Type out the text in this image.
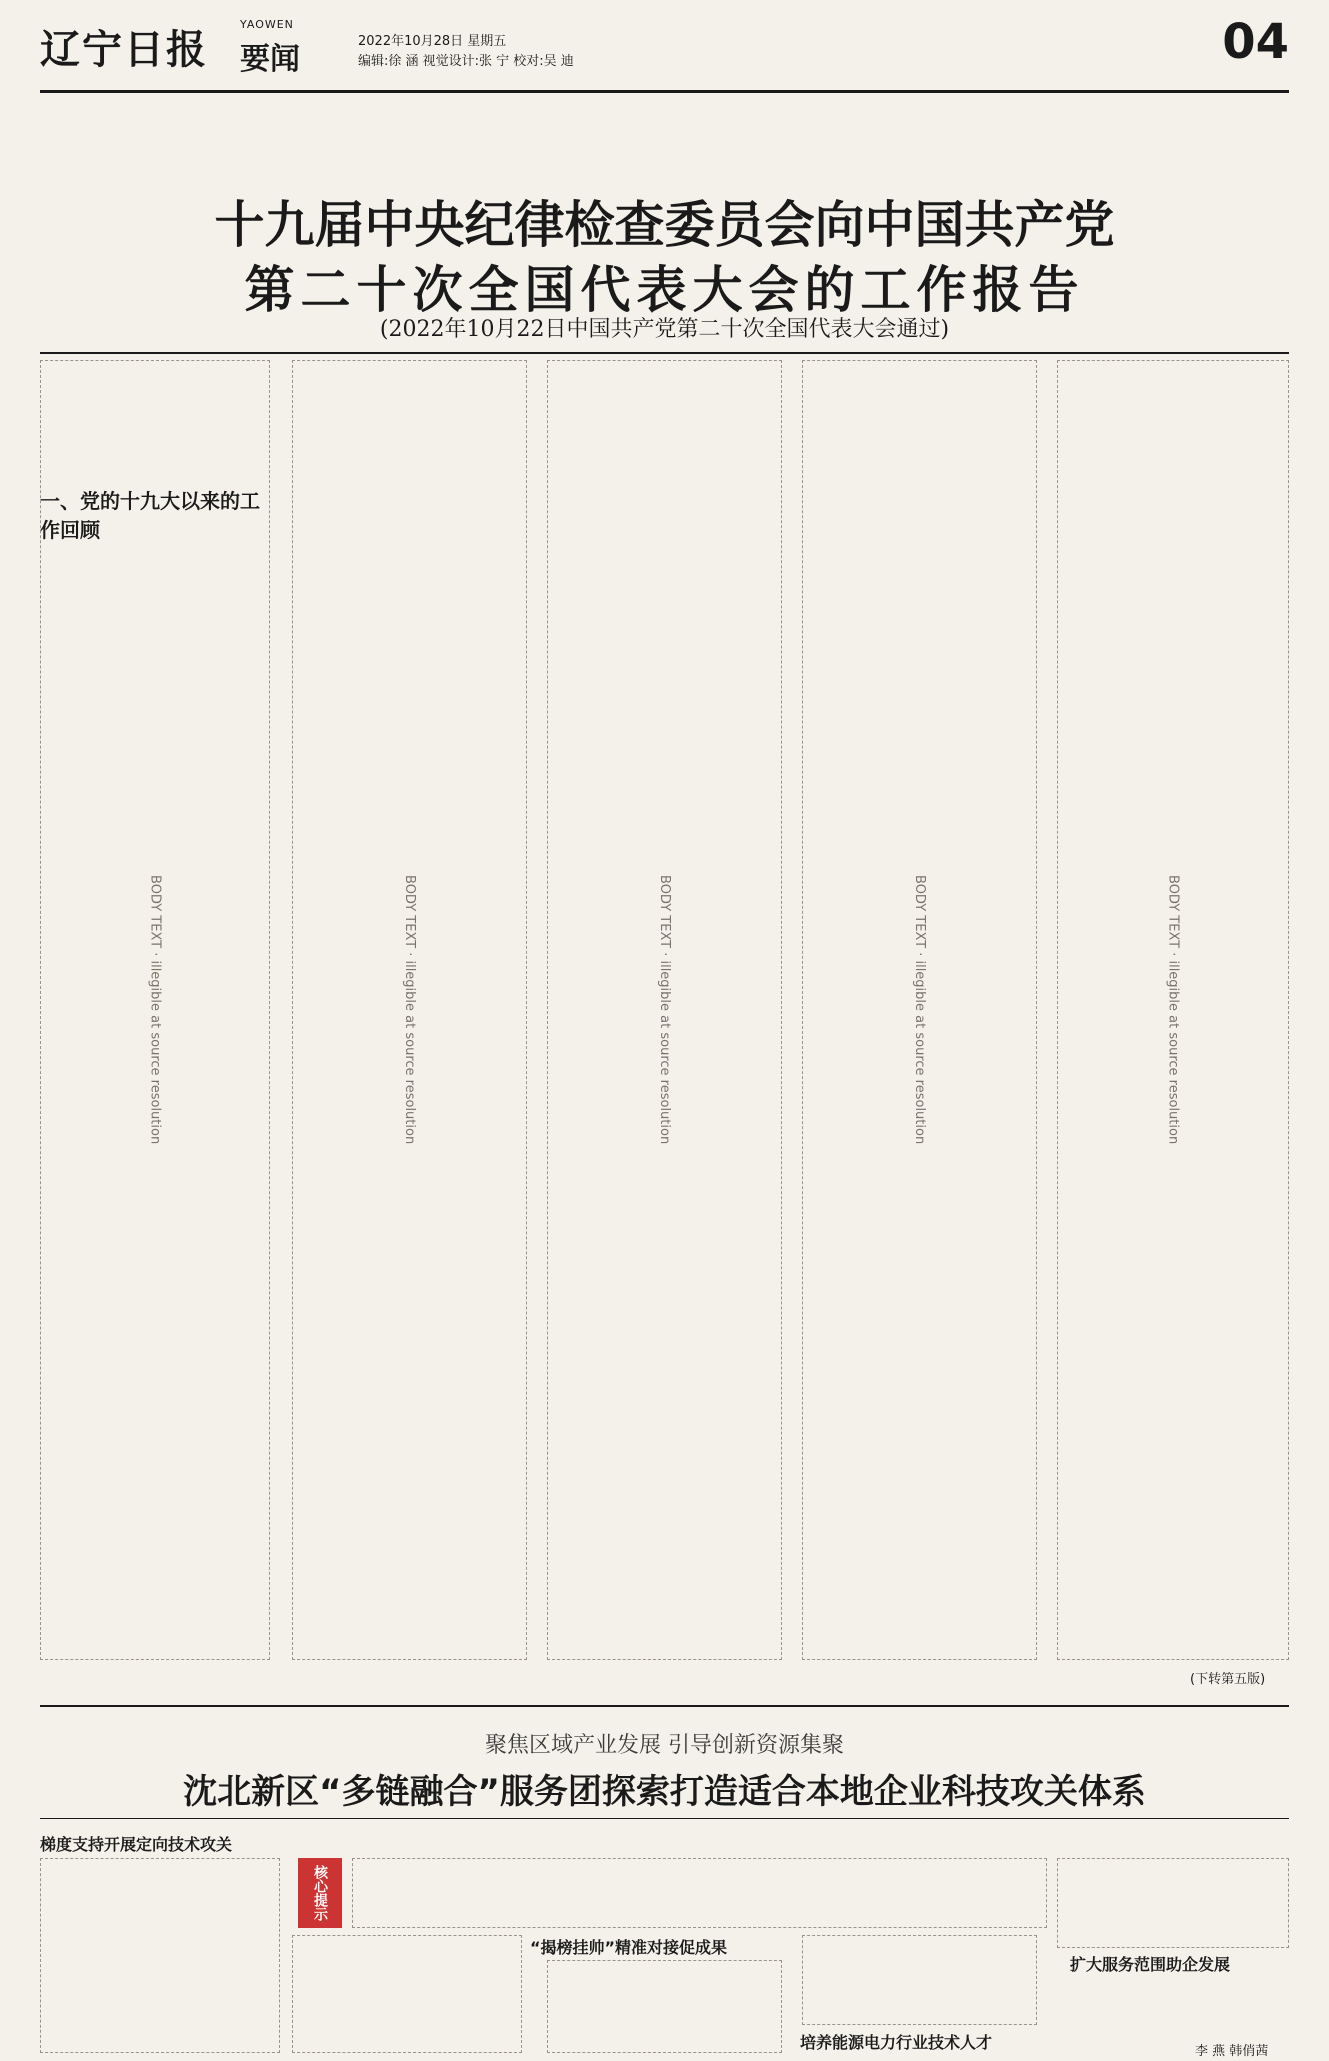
辽宁日报
YAOWEN
要闻
2022年10月28日 星期五
编辑:徐 涵 视觉设计:张 宁 校对:吴 迪	04
十九届中央纪律检查委员会向中国共产党
第二十次全国代表大会的工作报告
(2022年10月22日中国共产党第二十次全国代表大会通过)
一、党的十九大以来的工作回顾
BODY TEXT · illegible at source resolution	BODY TEXT · illegible at source resolution	BODY TEXT · illegible at source resolution	BODY TEXT · illegible at source resolution	BODY TEXT · illegible at source resolution
(下转第五版)
聚焦区域产业发展 引导创新资源集聚
沈北新区“多链融合”服务团探索打造适合本地企业科技攻关体系
核心提示
梯度支持开展定向技术攻关
“揭榜挂帅”精准对接促成果
培养能源电力行业技术人才
扩大服务范围助企发展
李 燕 韩俏茜
